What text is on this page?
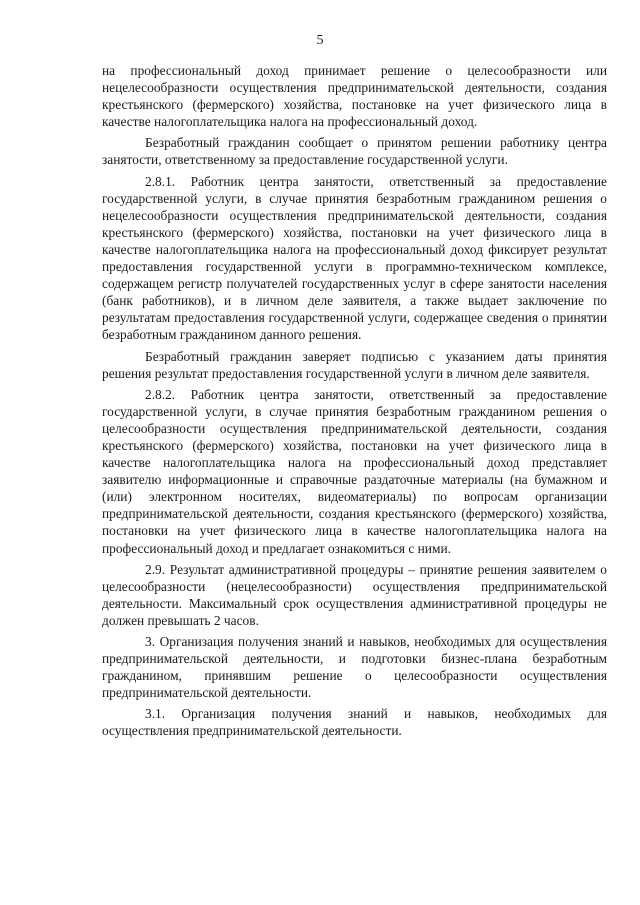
5

на профессиональный доход принимает решение о целесообразности или нецелесообразности осуществления предпринимательской деятельности, создания крестьянского (фермерского) хозяйства, постановке на учет физического лица в качестве налогоплательщика налога на профессиональный доход.

Безработный гражданин сообщает о принятом решении работнику центра занятости, ответственному за предоставление государственной услуги.

2.8.1. Работник центра занятости, ответственный за предоставление государственной услуги, в случае принятия безработным гражданином решения о нецелесообразности осуществления предпринимательской деятельности, создания крестьянского (фермерского) хозяйства, постановки на учет физического лица в качестве налогоплательщика налога на профессиональный доход фиксирует результат предоставления государственной услуги в программно-техническом комплексе, содержащем регистр получателей государственных услуг в сфере занятости населения (банк работников), и в личном деле заявителя, а также выдает заключение по результатам предоставления государственной услуги, содержащее сведения о принятии безработным гражданином данного решения.

Безработный гражданин заверяет подписью с указанием даты принятия решения результат предоставления государственной услуги в личном деле заявителя.

2.8.2. Работник центра занятости, ответственный за предоставление государственной услуги, в случае принятия безработным гражданином решения о целесообразности осуществления предпринимательской деятельности, создания крестьянского (фермерского) хозяйства, постановки на учет физического лица в качестве налогоплательщика налога на профессиональный доход представляет заявителю информационные и справочные раздаточные материалы (на бумажном и (или) электронном носителях, видеоматериалы) по вопросам организации предпринимательской деятельности, создания крестьянского (фермерского) хозяйства, постановки на учет физического лица в качестве налогоплательщика налога на профессиональный доход и предлагает ознакомиться с ними.

2.9. Результат административной процедуры – принятие решения заявителем о целесообразности (нецелесообразности) осуществления предпринимательской деятельности. Максимальный срок осуществления административной процедуры не должен превышать 2 часов.

3. Организация получения знаний и навыков, необходимых для осуществления предпринимательской деятельности, и подготовки бизнес-плана безработным гражданином, принявшим решение о целесообразности осуществления предпринимательской деятельности.

3.1. Организация получения знаний и навыков, необходимых для осуществления предпринимательской деятельности.
